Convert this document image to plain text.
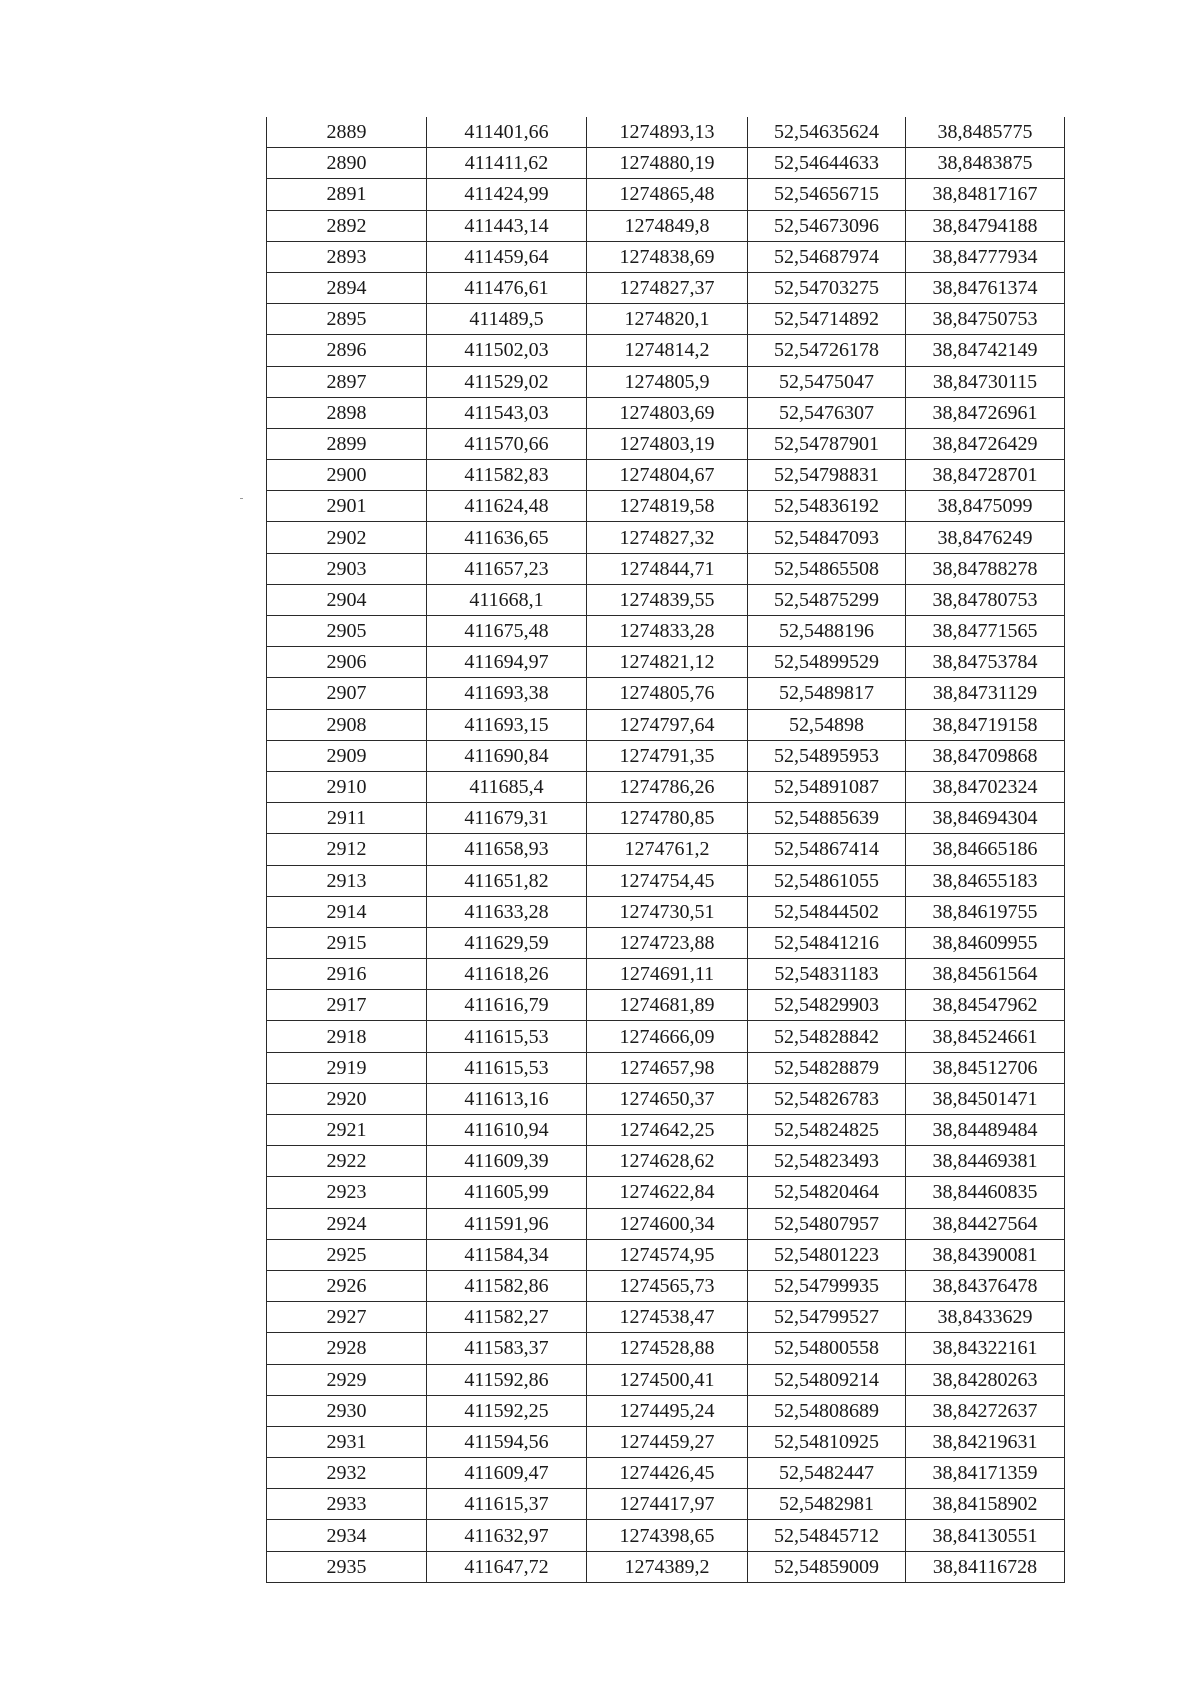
2889	411401,66	1274893,13	52,54635624	38,8485775
2890	411411,62	1274880,19	52,54644633	38,8483875
2891	411424,99	1274865,48	52,54656715	38,84817167
2892	411443,14	1274849,8	52,54673096	38,84794188
2893	411459,64	1274838,69	52,54687974	38,84777934
2894	411476,61	1274827,37	52,54703275	38,84761374
2895	411489,5	1274820,1	52,54714892	38,84750753
2896	411502,03	1274814,2	52,54726178	38,84742149
2897	411529,02	1274805,9	52,5475047	38,84730115
2898	411543,03	1274803,69	52,5476307	38,84726961
2899	411570,66	1274803,19	52,54787901	38,84726429
2900	411582,83	1274804,67	52,54798831	38,84728701
2901	411624,48	1274819,58	52,54836192	38,8475099
2902	411636,65	1274827,32	52,54847093	38,8476249
2903	411657,23	1274844,71	52,54865508	38,84788278
2904	411668,1	1274839,55	52,54875299	38,84780753
2905	411675,48	1274833,28	52,5488196	38,84771565
2906	411694,97	1274821,12	52,54899529	38,84753784
2907	411693,38	1274805,76	52,5489817	38,84731129
2908	411693,15	1274797,64	52,54898	38,84719158
2909	411690,84	1274791,35	52,54895953	38,84709868
2910	411685,4	1274786,26	52,54891087	38,84702324
2911	411679,31	1274780,85	52,54885639	38,84694304
2912	411658,93	1274761,2	52,54867414	38,84665186
2913	411651,82	1274754,45	52,54861055	38,84655183
2914	411633,28	1274730,51	52,54844502	38,84619755
2915	411629,59	1274723,88	52,54841216	38,84609955
2916	411618,26	1274691,11	52,54831183	38,84561564
2917	411616,79	1274681,89	52,54829903	38,84547962
2918	411615,53	1274666,09	52,54828842	38,84524661
2919	411615,53	1274657,98	52,54828879	38,84512706
2920	411613,16	1274650,37	52,54826783	38,84501471
2921	411610,94	1274642,25	52,54824825	38,84489484
2922	411609,39	1274628,62	52,54823493	38,84469381
2923	411605,99	1274622,84	52,54820464	38,84460835
2924	411591,96	1274600,34	52,54807957	38,84427564
2925	411584,34	1274574,95	52,54801223	38,84390081
2926	411582,86	1274565,73	52,54799935	38,84376478
2927	411582,27	1274538,47	52,54799527	38,8433629
2928	411583,37	1274528,88	52,54800558	38,84322161
2929	411592,86	1274500,41	52,54809214	38,84280263
2930	411592,25	1274495,24	52,54808689	38,84272637
2931	411594,56	1274459,27	52,54810925	38,84219631
2932	411609,47	1274426,45	52,5482447	38,84171359
2933	411615,37	1274417,97	52,5482981	38,84158902
2934	411632,97	1274398,65	52,54845712	38,84130551
2935	411647,72	1274389,2	52,54859009	38,84116728
